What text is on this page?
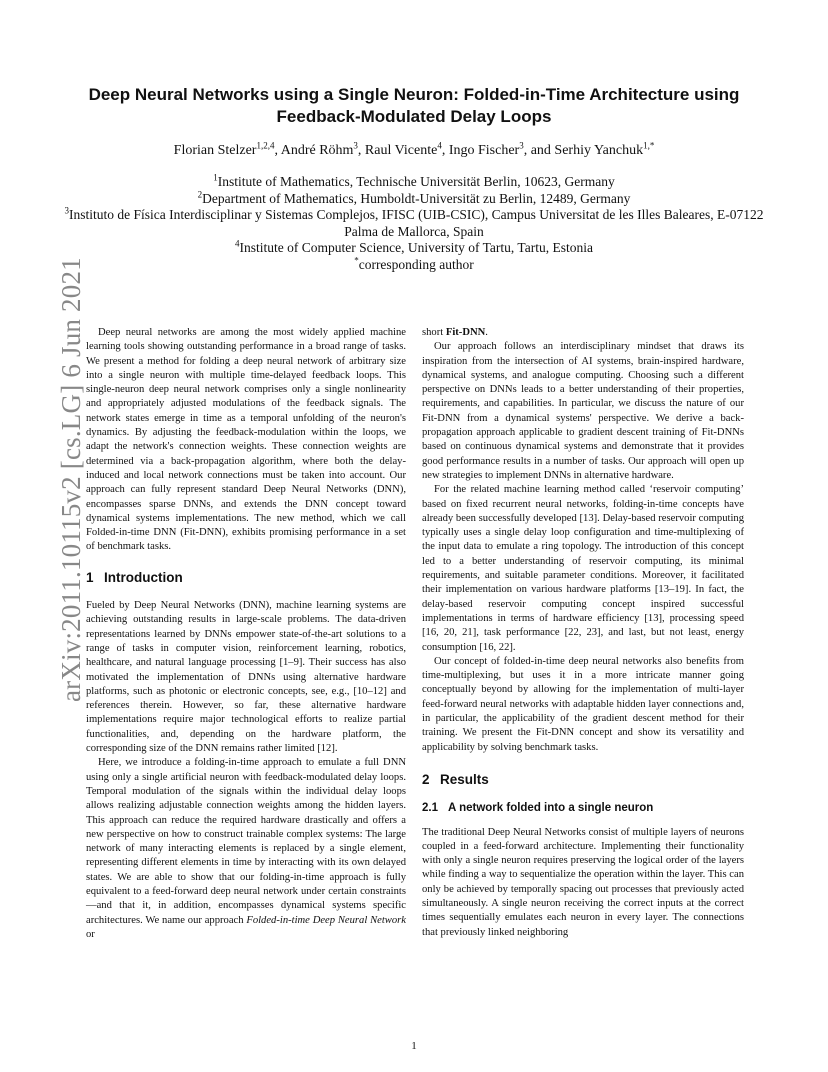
Deep Neural Networks using a Single Neuron: Folded-in-Time Architecture using Feedback-Modulated Delay Loops

Florian Stelzer$^{1,2,4}$, André Röhm$^3$, Raul Vicente$^4$, Ingo Fischer$^3$, and Serhiy Yanchuk$^{1,*}$

$^1$Institute of Mathematics, Technische Universität Berlin, 10623, Germany

$^2$Department of Mathematics, Humboldt-Universität zu Berlin, 12489, Germany

$^3$Instituto de Física Interdisciplinar y Sistemas Complejos, IFISC (UIB-CSIC), Campus Universitat de les Illes Baleares, E-07122 Palma de Mallorca, Spain

$^4$Institute of Computer Science, University of Tartu, Tartu, Estonia

*corresponding author

arXiv:2011.10115v2 [cs.LG] 6 Jun 2021	Deep neural networks are among the most widely applied machine learning tools showing outstanding performance in a broad range of tasks. We present a method for folding a deep neural network of arbitrary size into a single neuron with multiple time-delayed feedback loops. This single-neuron deep neural network comprises only a single nonlinearity and appropriately adjusted modulations of the feedback signals. The network states emerge in time as a temporal unfolding of the neuron's dynamics. By adjusting the feedback-modulation within the loops, we adapt the network's connection weights. These connection weights are determined via a back-propagation algorithm, where both the delay-induced and local network connections must be taken into account. Our approach can fully represent standard Deep Neural Networks (DNN), encompasses sparse DNNs, and extends the DNN concept toward dynamical systems implementations. The new method, which we call Folded-in-time DNN (Fit-DNN), exhibits promising performance in a set of benchmark tasks.

1 Introduction

Fueled by Deep Neural Networks (DNN), machine learning systems are achieving outstanding results in large-scale problems. The data-driven representations learned by DNNs empower state-of-the-art solutions to a range of tasks in computer vision, reinforcement learning, robotics, healthcare, and natural language processing [1–9]. Their success has also motivated the implementation of DNNs using alternative hardware platforms, such as photonic or electronic concepts, see, e.g., [10–12] and references therein. However, so far, these alternative hardware implementations require major technological efforts to realize partial functionalities, and, depending on the hardware platform, the corresponding size of the DNN remains rather limited [12].

Here, we introduce a folding-in-time approach to emulate a full DNN using only a single artificial neuron with feedback-modulated delay loops. Temporal modulation of the signals within the individual delay loops allows realizing adjustable connection weights among the hidden layers. This approach can reduce the required hardware drastically and offers a new perspective on how to construct trainable complex systems: The large network of many interacting elements is replaced by a single element, representing different elements in time by interacting with its own delayed states. We are able to show that our folding-in-time approach is fully equivalent to a feed-forward deep neural network under certain constraints—and that it, in addition, encompasses dynamical systems specific architectures. We name our approach Folded-in-time Deep Neural Network or

short Fit-DNN.

Our approach follows an interdisciplinary mindset that draws its inspiration from the intersection of AI systems, brain-inspired hardware, dynamical systems, and analogue computing. Choosing such a different perspective on DNNs leads to a better understanding of their properties, requirements, and capabilities. In particular, we discuss the nature of our Fit-DNN from a dynamical systems' perspective. We derive a back-propagation approach applicable to gradient descent training of Fit-DNNs based on continuous dynamical systems and demonstrate that it provides good performance results in a number of tasks. Our approach will open up new strategies to implement DNNs in alternative hardware.

For the related machine learning method called ‘reservoir computing’ based on fixed recurrent neural networks, folding-in-time concepts have already been successfully developed [13]. Delay-based reservoir computing typically uses a single delay loop configuration and time-multiplexing of the input data to emulate a ring topology. The introduction of this concept led to a better understanding of reservoir computing, its minimal requirements, and suitable parameter conditions. Moreover, it facilitated their implementation on various hardware platforms [13–19]. In fact, the delay-based reservoir computing concept inspired successful implementations in terms of hardware efficiency [13], processing speed [16, 20, 21], task performance [22, 23], and last, but not least, energy consumption [16, 22].

Our concept of folded-in-time deep neural networks also benefits from time-multiplexing, but uses it in a more intricate manner going conceptually beyond by allowing for the implementation of multi-layer feed-forward neural networks with adaptable hidden layer connections and, in particular, the applicability of the gradient descent method for their training. We present the Fit-DNN concept and show its versatility and applicability by solving benchmark tasks.

2 Results
2.1 A network folded into a single neuron

The traditional Deep Neural Networks consist of multiple layers of neurons coupled in a feed-forward architecture. Implementing their functionality with only a single neuron requires preserving the logical order of the layers while finding a way to sequentialize the operation within the layer. This can only be achieved by temporally spacing out processes that previously acted simultaneously. A single neuron receiving the correct inputs at the correct times sequentially emulates each neuron in every layer. The connections that previously linked neighboring

1
